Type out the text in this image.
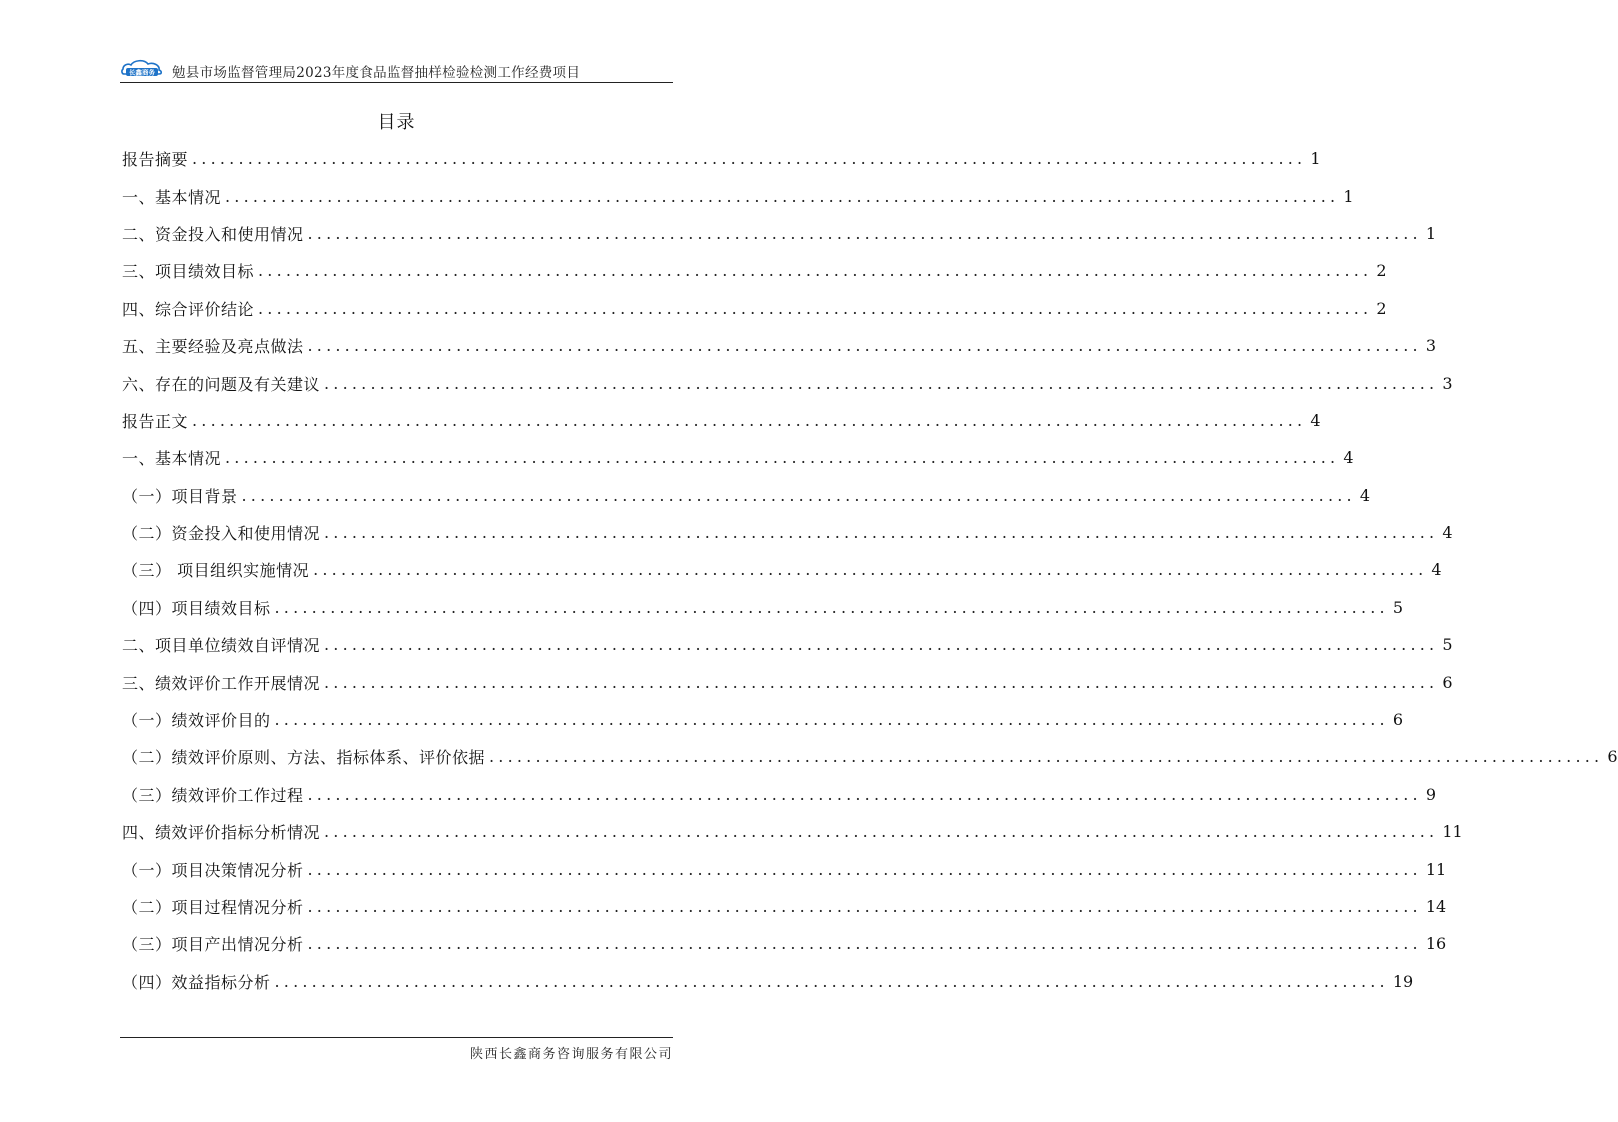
长鑫商务 勉县市场监督管理局2023年度食品监督抽样检验检测工作经费项目
目录
报告摘要 ........................................................................................................................ 1
一、基本情况 ........................................................................................................................ 1
二、资金投入和使用情况 ........................................................................................................................ 1
三、项目绩效目标 ........................................................................................................................ 2
四、综合评价结论 ........................................................................................................................ 2
五、主要经验及亮点做法 ........................................................................................................................ 3
六、存在的问题及有关建议 ........................................................................................................................ 3
报告正文 ........................................................................................................................ 4
一、基本情况 ........................................................................................................................ 4
（一）项目背景 ........................................................................................................................ 4
（二）资金投入和使用情况 ........................................................................................................................ 4
（三） 项目组织实施情况 ........................................................................................................................ 4
（四）项目绩效目标 ........................................................................................................................ 5
二、项目单位绩效自评情况 ........................................................................................................................ 5
三、绩效评价工作开展情况 ........................................................................................................................ 6
（一）绩效评价目的 ........................................................................................................................ 6
（二）绩效评价原则、方法、指标体系、评价依据 ........................................................................................................................ 6
（三）绩效评价工作过程 ........................................................................................................................ 9
四、绩效评价指标分析情况 ........................................................................................................................ 11
（一）项目决策情况分析 ........................................................................................................................ 11
（二）项目过程情况分析 ........................................................................................................................ 14
（三）项目产出情况分析 ........................................................................................................................ 16
（四）效益指标分析 ........................................................................................................................ 19
陕西长鑫商务咨询服务有限公司
